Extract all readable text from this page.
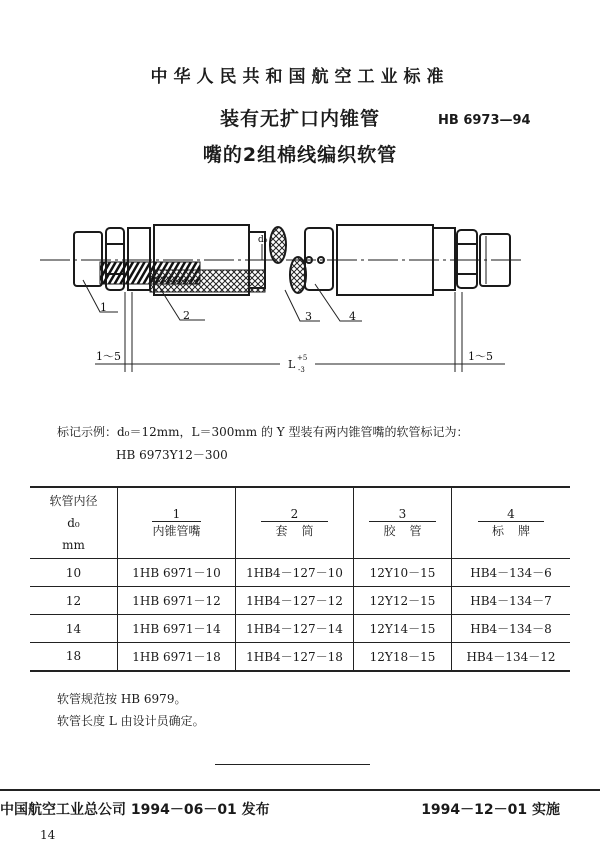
中华人民共和国航空工业标准
装有无扩口内锥管
嘴的2组棉线编织软管
HB 6973—94
d₀
1
2	3	4
1～5	1～5
L +5
-3
标记示例：d₀＝12mm，L＝300mm 的 Y 型装有两内锥管嘴的软管标记为：
HB 6973Y12－300
软管内径
d₀
mm

$\frac{1}{\text{内锥管嘴}}$	$\frac{2}{\text{套筒}}$	$\frac{3}{\text{胶管}}$	$\frac{4}{\text{标牌}}$

10	1HB 6971－10	1HB4－127－10	12Y10－15	HB4－134－6
12	1HB 6971－12	1HB4－127－12	12Y12－15	HB4－134－7
14	1HB 6971－14	1HB4－127－14	12Y14－15	HB4－134－8
18	1HB 6971－18	1HB4－127－18	12Y18－15	HB4－134－12
软管规范按 HB 6979。
软管长度 L 由设计员确定。
中国航空工业总公司 1994－06－01 发布	1994－12－01 实施
14
